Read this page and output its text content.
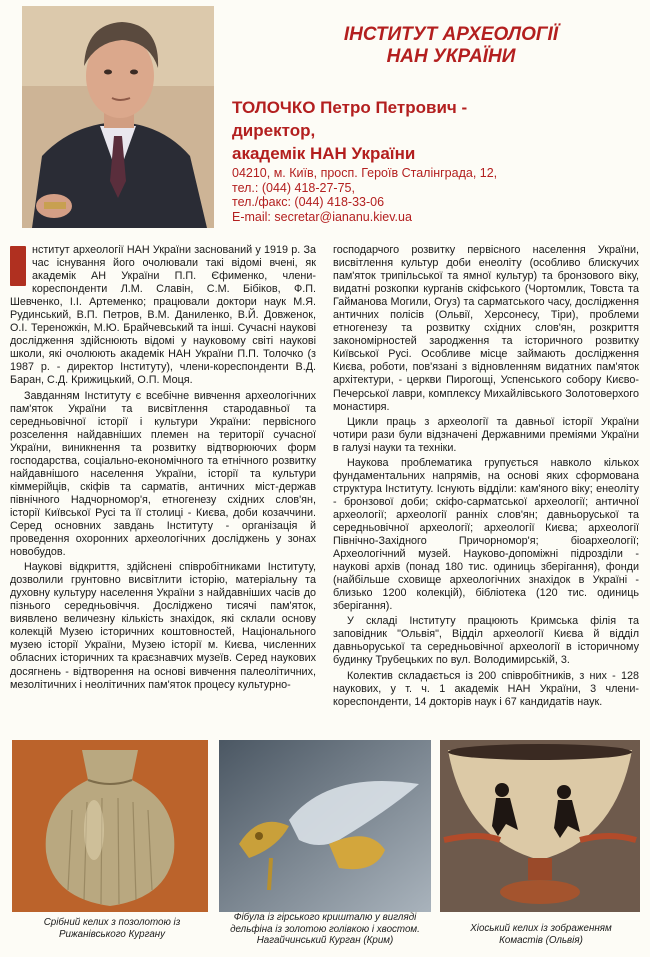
ІНСТИТУТ АРХЕОЛОГІЇ
НАН УКРАЇНИ
ТОЛОЧКО Петро Петрович -
директор,
академік НАН України
04210, м. Київ, просп. Героїв Сталінграда, 12,
тел.: (044) 418-27-75,
тел./факс: (044) 418-33-06
E-mail: secretar@iananu.kiev.ua

нститут археології НАН України заснований у 1919 р. За час існування його очолювали такі відомі вчені, як академік АН України П.П. Єфименко, члени-кореспонденти Л.М. Славін, С.М. Бібіков, Ф.П. Шевченко, І.І. Артеменко; працювали доктори наук М.Я. Рудинський, В.П. Петров, В.М. Даниленко, В.Й. Довженок, О.І. Тереножкін, М.Ю. Брайчевський та інші. Сучасні наукові дослідження здійснюють відомі у науковому світі наукові школи, які очолюють академік НАН України П.П. Толочко (з 1987 р. - директор Інституту), члени-кореспонденти В.Д. Баран, С.Д. Крижицький, О.П. Моця.

Завданням Інституту є всебічне вивчення археологічних пам'яток України та висвітлення стародавньої та середньовічної історії і культури України: первісного розселення найдавніших племен на території сучасної України, виникнення та розвитку відтворюючих форм господарства, соціально-економічного та етнічного розвитку найдавнішого населення України, історії та культури кіммерійців, скіфів та сарматів, античних міст-держав північного Надчорномор'я, етногенезу східних слов'ян, історії Київської Русі та її столиці - Києва, доби козаччини. Серед основних завдань Інституту - організація й проведення охоронних археологічних досліджень у зонах новобудов.

Наукові відкриття, здійснені співробітниками Інституту, дозволили грунтовно висвітлити історію, матеріальну та духовну культуру населення України з найдавніших часів до пізнього середньовіччя. Досліджено тисячі пам'яток, виявлено величезну кількість знахідок, які склали основу колекцій Музею історичних коштовностей, Національного музею історії України, Музею історії м. Києва, численних обласних історичних та краєзнавчих музеїв. Серед наукових досягнень - відтворення на основі вивчення палеолітичних, мезолітичних і неолітичних пам'яток процесу культурно-

господарчого розвитку первісного населення України, висвітлення культур доби енеоліту (особливо блискучих пам'яток трипільської та ямної культур) та бронзового віку, видатні розкопки курганів скіфського (Чортомлик, Товста та Гайманова Могили, Огуз) та сарматського часу, дослідження античних полісів (Ольвії, Херсонесу, Тіри), проблеми етногенезу та розвитку східних слов'ян, розкриття закономірностей зародження та історичного розвитку Київської Русі. Особливе місце займають дослідження Києва, роботи, пов'язані з відновленням видатних пам'яток архітектури, - церкви Пирогощі, Успенського собору Києво-Печерської лаври, комплексу Михайлівського Золотоверхого монастиря.

Цикли праць з археології та давньої історії України чотири рази були відзначені Державними преміями України в галузі науки та техніки.

Наукова проблематика групується навколо кількох фундаментальних напрямів, на основі яких сформована структура Інституту. Існують відділи: кам'яного віку; енеоліту - бронзової доби; скіфо-сарматської археології; античної археології; археології ранніх слов'ян; давньоруської та середньовічної археології; археології Києва; археології Північно-Західного Причорномор'я; біоархеології; Археологічний музей. Науково-допоміжні підрозділи - наукові архів (понад 180 тис. одиниць зберігання), фонди (найбільше сховище археологічних знахідок в Україні - близько 1200 колекцій), бібліотека (120 тис. одиниць зберігання).

У складі Інституту працюють Кримська філія та заповідник "Ольвія", Відділ археології Києва й відділ давньоруської та середньовічної археології в історичному будинку Трубецьких по вул. Володимирській, 3.

Колектив складається із 200 співробітників, з них - 128 наукових, у т. ч. 1 академік НАН України, 3 члени-кореспонденти, 14 докторів наук і 67 кандидатів наук.

Срібний келих з позолотою із Рижанівського Кургану
Фібула із гірського кришталю у вигляді дельфіна із золотою голівкою і хвостом. Нагайчинський Курган (Крим)
Хіоський келих із зображенням Комастів (Ольвія)
